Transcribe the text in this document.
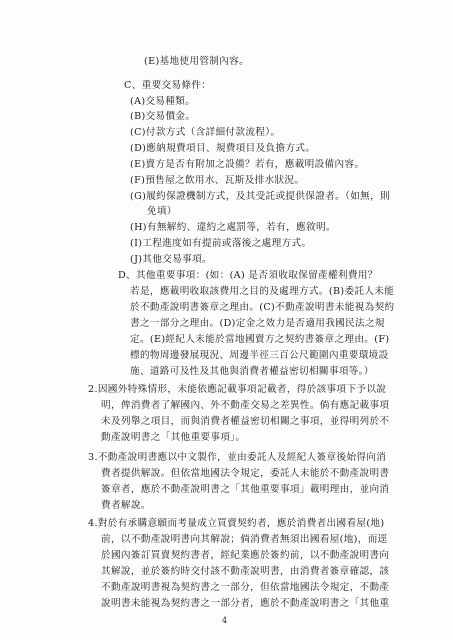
(E)基地使用管制內容。
C、重要交易條件：
(A)交易種類。
(B)交易價金。
(C)付款方式（含詳細付款流程）。
(D)應納規費項目、規費項目及負擔方式。
(E)賣方是否有附加之設備？若有，應載明設備內容。
(F)預售屋之飲用水、瓦斯及排水狀況。
(G)履約保證機制方式，及其受託或提供保證者。（如無，則
免填）
(H)有無解約、違約之處罰等，若有，應敘明。
(I)工程進度如有提前或落後之處理方式。
(J)其他交易事項。
D、其他重要事項：(如：(A) 是否須收取保留產權利費用？
若是，應載明收取該費用之目的及處理方式。(B)委託人未能
於不動產說明書簽章之理由。(C)不動產說明書未能視為契約
書之一部分之理由。(D)定金之效力是否適用我國民法之規
定。(E)經紀人未能於當地國賣方之契約書簽章之理由。(F)
標的物周邊發展現況、周邊半徑三百公尺範圍內重要環境設
施、道路可及性及其他與消費者權益密切相關事項等。）
2.因國外特殊情形，未能依應記載事項記載者，得於該事項下予以說
明，俾消費者了解國內、外不動產交易之差異性。倘有應記載事項
未及列舉之項目，而與消費者權益密切相關之事項，並得明列於不
動產說明書之「其他重要事項」。
3.不動產說明書應以中文製作，並由委託人及經紀人簽章後始得向消
費者提供解說。但依當地國法令規定，委託人未能於不動產說明書
簽章者，應於不動產說明書之「其他重要事項」載明理由，並向消
費者解說。
4.對於有承購意願而考量成立買賣契約者，應於消費者出國看屋(地)
前，以不動產說明書向其解說；倘消費者無須出國看屋(地)，而逕
於國內簽訂買賣契約書者，經紀業應於簽約前，以不動產說明書向
其解說，並於簽約時交付該不動產說明書，由消費者簽章確認，該
不動產說明書視為契約書之一部分，但依當地國法令規定，不動產
說明書未能視為契約書之一部分者，應於不動產說明書之「其他重
4
